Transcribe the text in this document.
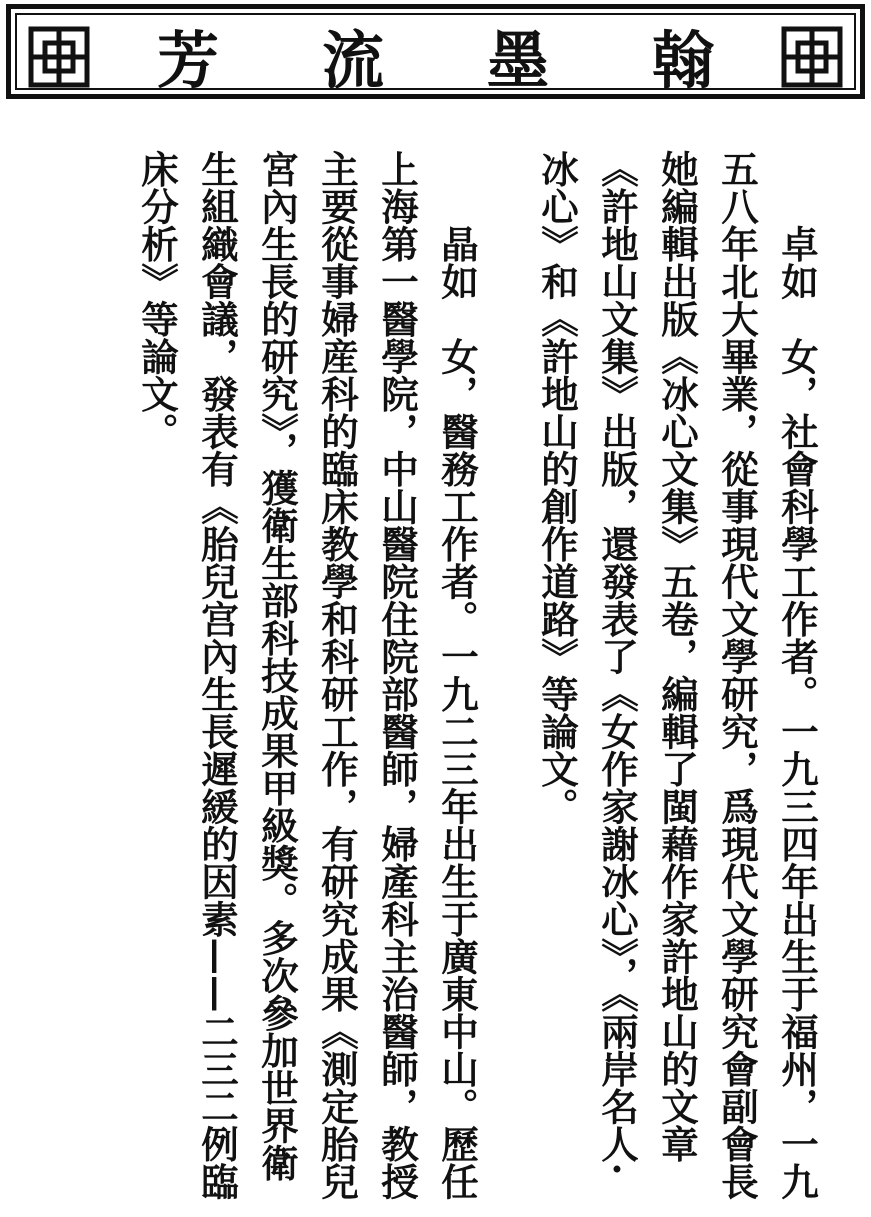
翰
墨
流
芳

卓如　女，社會科學工作者。一九三四年出生于福州，一九五八年北大畢業，從事現代文學研究，爲現代文學研究會副會長她編輯出版《冰心文集》五卷，編輯了閩藉作家許地山的文章《許地山文集》出版，還發表了《女作家謝冰心》，《兩岸名人·冰心》和《許地山的創作道路》等論文。

晶如　女，醫務工作者。一九二三年出生于廣東中山。歷任上海第一醫學院，中山醫院住院部醫師，婦產科主治醫師，教授主要從事婦産科的臨床教學和科研工作，有研究成果《測定胎兒宮內生長的研究》，獲衛生部科技成果甲級獎。多次參加世界衛生組織會議，發表有《胎兒宫內生長遲緩的因素——二三二例臨床分析》等論文。
